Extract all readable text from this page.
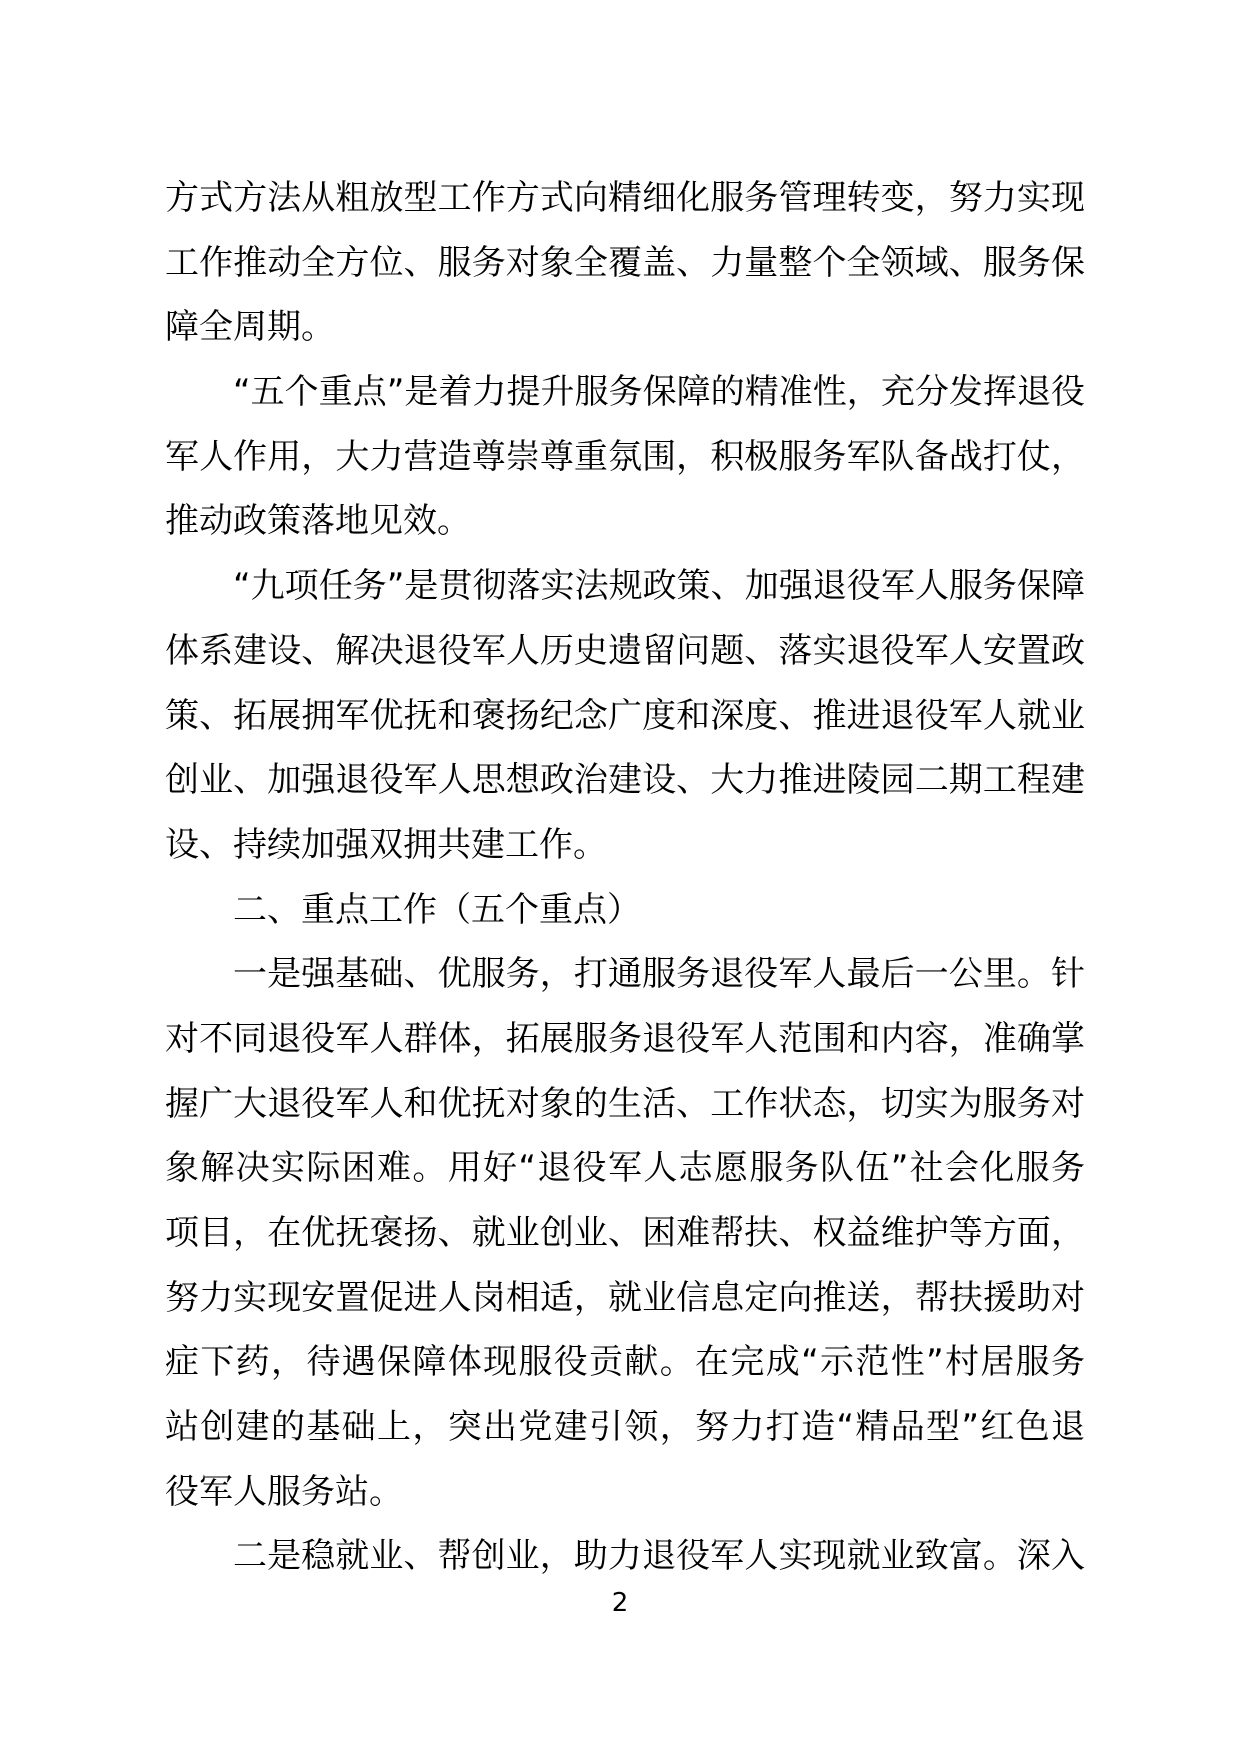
方式方法从粗放型工作方式向精细化服务管理转变，努力实现
工作推动全方位、服务对象全覆盖、力量整个全领域、服务保
障全周期。
“五个重点”是着力提升服务保障的精准性，充分发挥退役
军人作用，大力营造尊崇尊重氛围，积极服务军队备战打仗，
推动政策落地见效。
“九项任务”是贯彻落实法规政策、加强退役军人服务保障
体系建设、解决退役军人历史遗留问题、落实退役军人安置政
策、拓展拥军优抚和褒扬纪念广度和深度、推进退役军人就业
创业、加强退役军人思想政治建设、大力推进陵园二期工程建
设、持续加强双拥共建工作。
二、重点工作（五个重点）
一是强基础、优服务，打通服务退役军人最后一公里。针
对不同退役军人群体，拓展服务退役军人范围和内容，准确掌
握广大退役军人和优抚对象的生活、工作状态，切实为服务对
象解决实际困难。用好“退役军人志愿服务队伍”社会化服务
项目，在优抚褒扬、就业创业、困难帮扶、权益维护等方面，
努力实现安置促进人岗相适，就业信息定向推送，帮扶援助对
症下药，待遇保障体现服役贡献。在完成“示范性”村居服务
站创建的基础上，突出党建引领，努力打造“精品型”红色退
役军人服务站。
二是稳就业、帮创业，助力退役军人实现就业致富。深入
2
